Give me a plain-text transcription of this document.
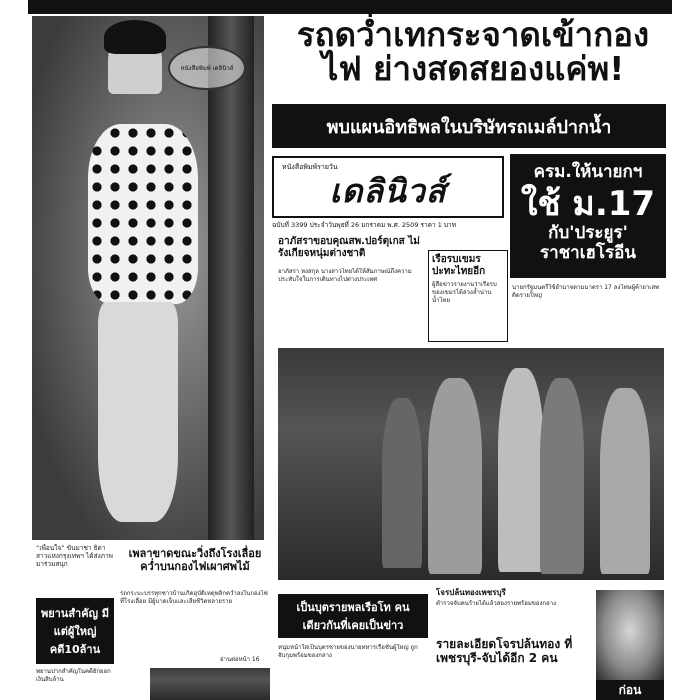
หนังสือพิมพ์ เดลินิวส์
“เพื่อนใจ” ขันมาชา ธิดาสาวแห่งกรุงเทพฯ ได้ส่งภาพมาร่วมสนุก
รถดวํ่าเทกระจาดเข้ากองไฟ ย่างสดสยองแค่พ!
พบแผนอิทธิพลในบริษัทรถเมล์ปากน้ำ
หนังสือพิมพ์รายวัน
เดลินิวส์
ฉบับที่ 3399 ประจำวันพุธที่ 26 มกราคม พ.ศ. 2509 ราคา 1 บาท
ครม.ให้นายกฯ
ใช้ ม.17
กับ'ประยูร'
ราชาเฮโรอีน
อาภัสราขอบคุณสพ.ปอร์ตุเกส ไม่รังเกียจหนุ่มต่างชาติ
อาภัสรา หงสกุล นางสาวไทยได้ให้สัมภาษณ์ถึงความประทับใจในการเดินทางไปต่างประเทศ
เรือรบเขมร ปะทะไทยอีก
ผู้สื่อข่าวรายงานว่าเรือรบของเขมรได้ล่วงล้ำน่านน้ำไทย
นายกรัฐมนตรีใช้อำนาจตามมาตรา 17 ลงโทษผู้ค้ายาเสพติดรายใหญ่
เพลาขาดขณะวิ่งถึงโรงเลื่อย คว่ำบนกองไฟเผาศพไม้
รถกระบะบรรทุกชาวบ้านเกิดอุบัติเหตุพลิกคว่ำลงในกองไฟที่โรงเลื่อย มีผู้บาดเจ็บและเสียชีวิตหลายราย
อ่านต่อหน้า 16
พยานสำคัญ มีแต่ผู้ใหญ่ คดี10ล้าน
พยานปากสำคัญในคดียักยอกเงินสิบล้าน
เป็นบุตรายพลเรือโท คนเดียวกันที่เคยเป็นข่าว
หนุ่มหน้าใสเป็นบุตรชายของนายทหารเรือชั้นผู้ใหญ่ ถูกจับกุมพร้อมของกลาง
โจรปล้นทองเพชรบุรี
ตำรวจจับคนร้ายได้แล้วสองรายพร้อมของกลาง
รายละเอียดโจรปล้นทอง ที่เพชรบุรี-จับได้อีก 2 คน
ก่อน
